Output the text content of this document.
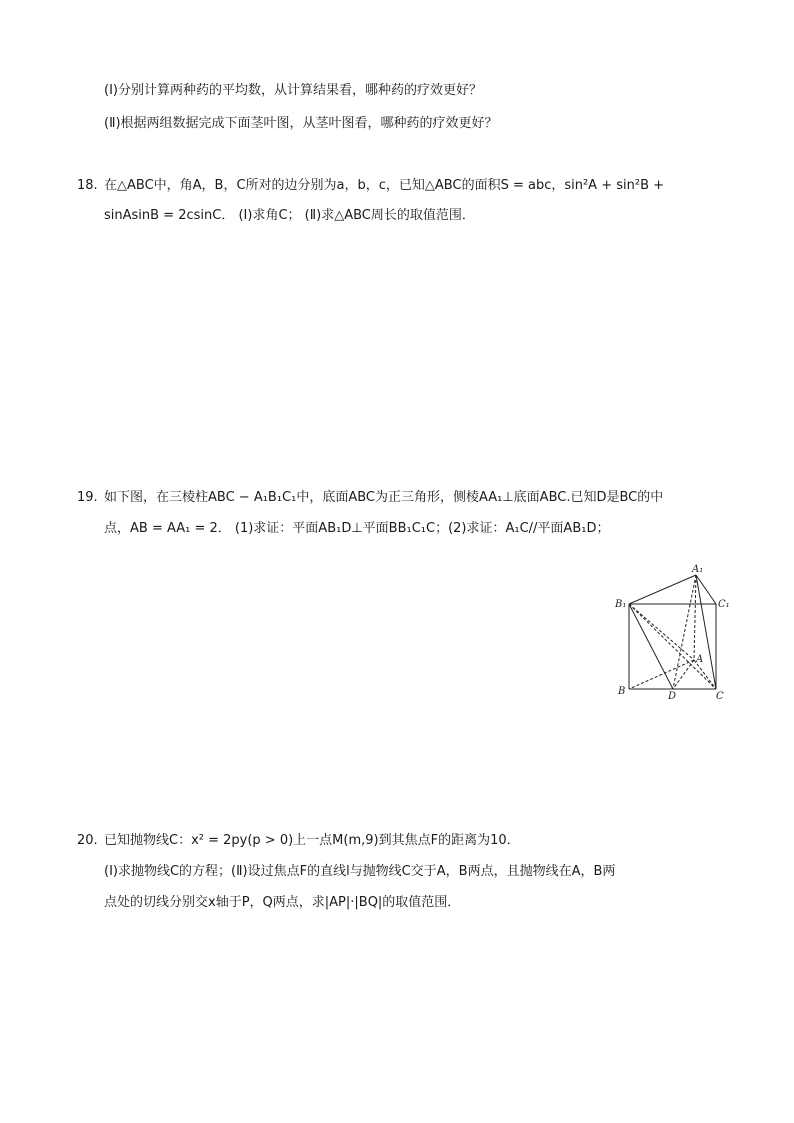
(Ⅰ)分别计算两种药的平均数，从计算结果看，哪种药的疗效更好？
(Ⅱ)根据两组数据完成下面茎叶图，从茎叶图看，哪种药的疗效更好？
18. 在△ABC中，角A，B，C所对的边分别为a，b，c，已知△ABC的面积S = abc，sin²A + sin²B +
sinAsinB = 2csinC． (Ⅰ)求角C； (Ⅱ)求△ABC周长的取值范围．
19. 如下图，在三棱柱ABC − A₁B₁C₁中，底面ABC为正三角形，侧棱AA₁⊥底面ABC.已知D是BC的中
点，AB = AA₁ = 2． (1)求证：平面AB₁D⊥平面BB₁C₁C；(2)求证：A₁C//平面AB₁D；
A₁
B₁	C₁
A
B	C
D
20. 已知抛物线C：x² = 2py(p > 0)上一点M(m,9)到其焦点F的距离为10．
(Ⅰ)求抛物线C的方程；(Ⅱ)设过焦点F的直线l与抛物线C交于A，B两点，且抛物线在A，B两
点处的切线分别交x轴于P，Q两点，求|AP|·|BQ|的取值范围．
